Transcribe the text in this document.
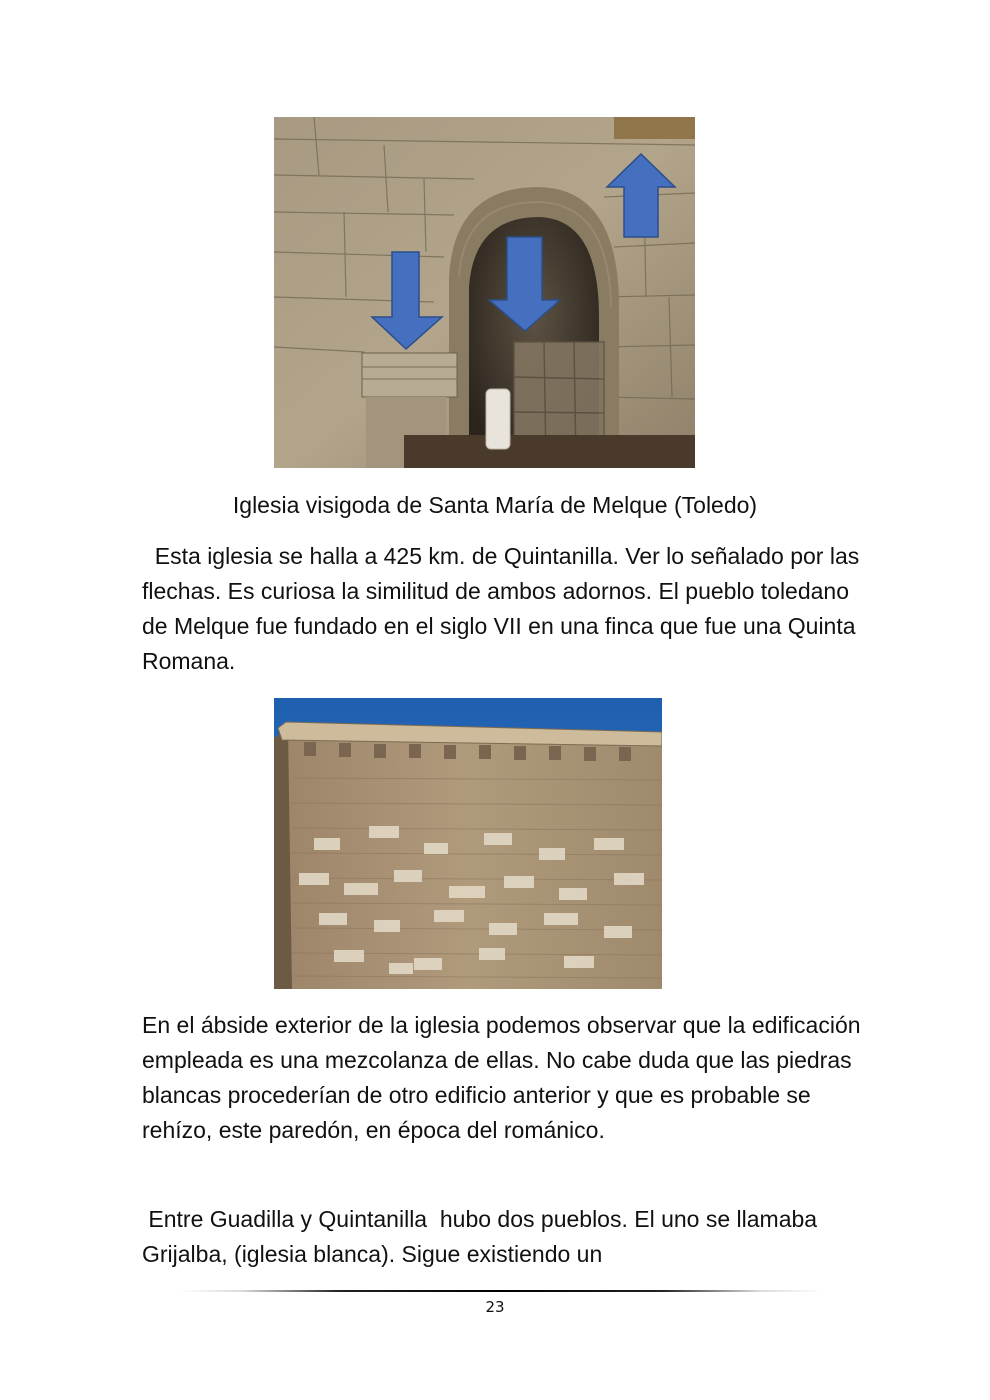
Iglesia visigoda de Santa María de Melque (Toledo)

Esta iglesia se halla a 425 km. de Quintanilla. Ver lo señalado por las flechas. Es curiosa la similitud de ambos adornos. El pueblo toledano de Melque fue fundado en el siglo VII en una finca que fue una Quinta Romana.

En el ábside exterior de la iglesia podemos observar que la edificación  empleada es una mezcolanza de ellas. No cabe duda que las piedras blancas procederían de otro edificio anterior y que es probable se rehízo, este paredón, en época del románico.

Entre Guadilla y Quintanilla  hubo dos pueblos. El uno se llamaba Grijalba, (iglesia blanca). Sigue existiendo un

23
